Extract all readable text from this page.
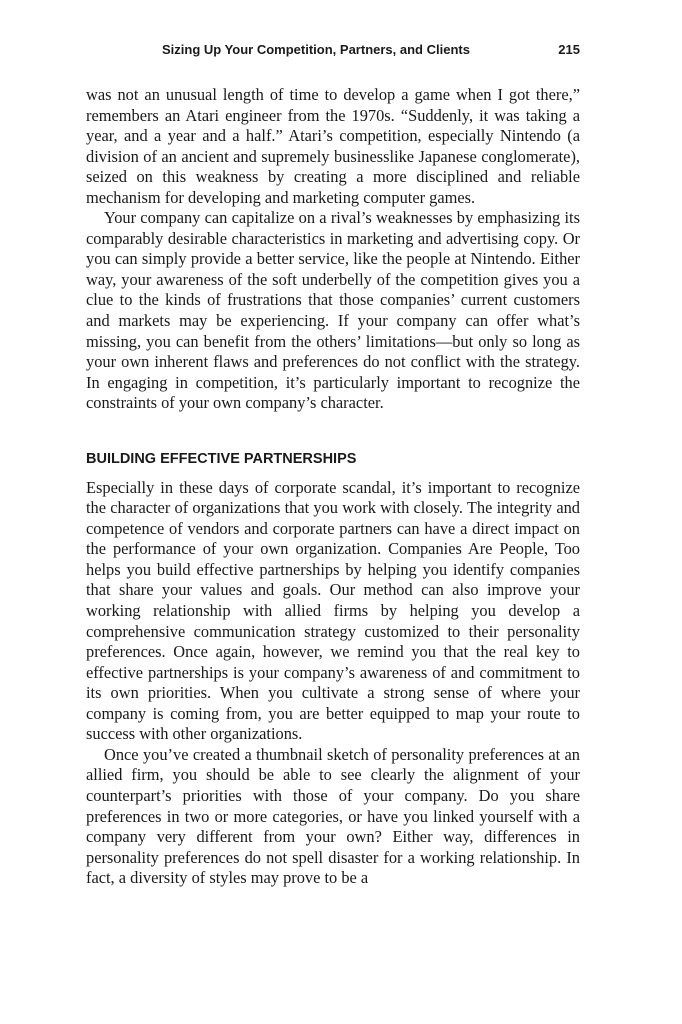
Sizing Up Your Competition, Partners, and Clients	215

was not an unusual length of time to develop a game when I got there,” remembers an Atari engineer from the 1970s. “Suddenly, it was taking a year, and a year and a half.” Atari’s competition, especially Nintendo (a division of an ancient and supremely businesslike Japanese conglomerate), seized on this weakness by creating a more disciplined and reliable mechanism for developing and marketing computer games.

Your company can capitalize on a rival’s weaknesses by emphasizing its comparably desirable characteristics in marketing and advertising copy. Or you can simply provide a better service, like the people at Nintendo. Either way, your awareness of the soft underbelly of the competition gives you a clue to the kinds of frustrations that those companies’ current customers and markets may be experiencing. If your company can offer what’s missing, you can benefit from the others’ limitations—but only so long as your own inherent flaws and preferences do not conflict with the strategy. In engaging in competition, it’s particularly important to recognize the constraints of your own company’s character.

BUILDING EFFECTIVE PARTNERSHIPS

Especially in these days of corporate scandal, it’s important to recognize the character of organizations that you work with closely. The integrity and competence of vendors and corporate partners can have a direct impact on the performance of your own organization. Companies Are People, Too helps you build effective partnerships by helping you identify companies that share your values and goals. Our method can also improve your working relationship with allied firms by helping you develop a comprehensive communication strategy customized to their personality preferences. Once again, however, we remind you that the real key to effective partnerships is your company’s awareness of and commitment to its own priorities. When you cultivate a strong sense of where your company is coming from, you are better equipped to map your route to success with other organizations.

Once you’ve created a thumbnail sketch of personality preferences at an allied firm, you should be able to see clearly the alignment of your counterpart’s priorities with those of your company. Do you share preferences in two or more categories, or have you linked yourself with a company very different from your own? Either way, differences in personality preferences do not spell disaster for a working relationship. In fact, a diversity of styles may prove to be a
